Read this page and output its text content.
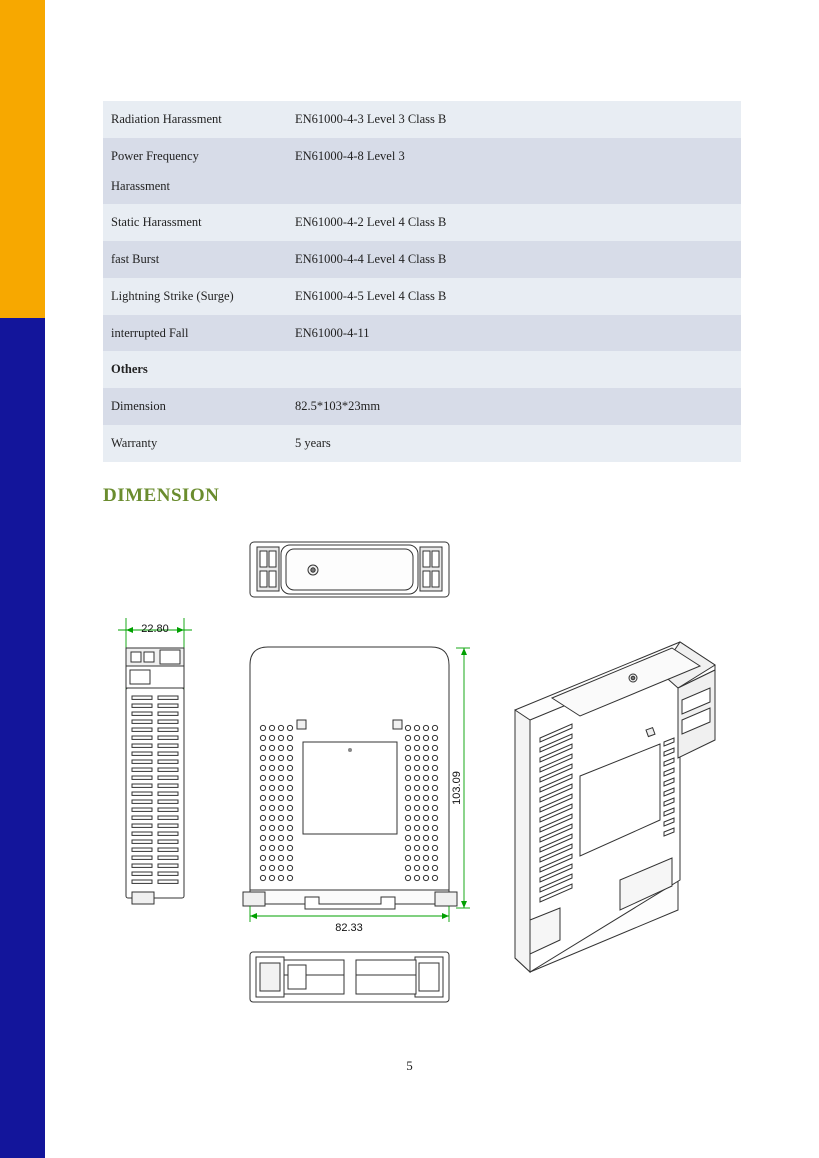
Radiation Harassment	EN61000-4-3 Level 3 Class B

Power Frequency
Harassment	EN61000-4-8 Level 3
Static Harassment	EN61000-4-2 Level 4 Class B
fast Burst	EN61000-4-4 Level 4 Class B
Lightning Strike (Surge)	EN61000-4-5 Level 4 Class B
interrupted Fall	EN61000-4-11
Others	
Dimension	82.5*103*23mm
Warranty	5 years
DIMENSION
22.80
103.09
82.33
5
